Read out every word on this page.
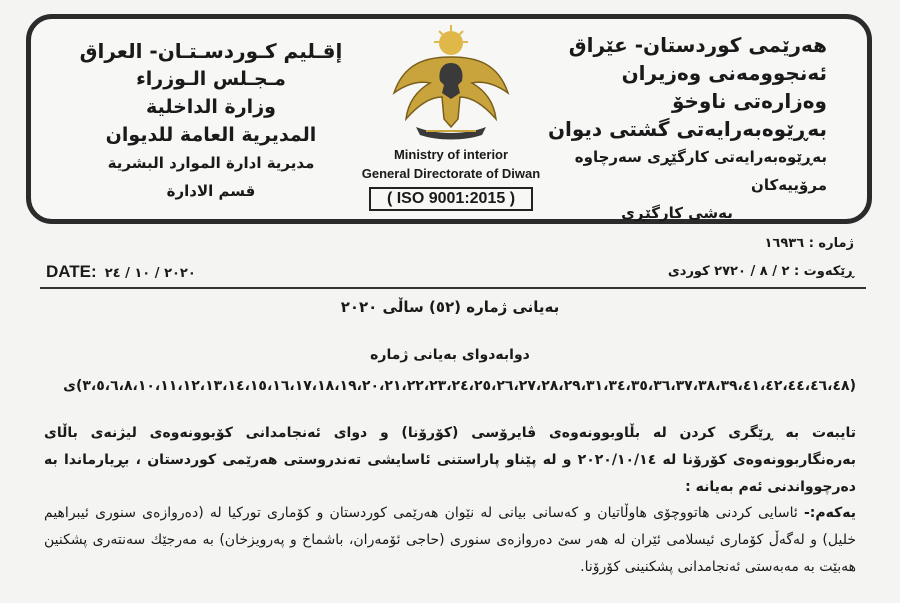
هەرێمی کوردستان- عێراق
ئەنجوومەنی وەزیران
وەزارەتی ناوخۆ
بەڕێوەبەرایەتی گشتی دیوان
بەڕێوەبەرایەتی كارگێڕی سەرچاوە مرۆییەکان
بەشی کارگێڕی
Ministry of interior
General Directorate of Diwan
( ISO 9001:2015 )
إقـليم كـوردسـتـان- العراق
مـجـلس الـوزراء
وزارة الداخلية
المديرية العامة للديوان
مديرية ادارة الموارد البشرية
قسم الادارة
ژمارە : ١٦٩٣٦
ڕێکەوت : ٢ / ٨ / ٢٧٢٠ كوردی
DATE: ٢٠٢٠ / ١٠ / ٢٤
بەیانی ژمارە (٥٢) ساڵی ٢٠٢٠
دوابەدوای بەیانی ژمارە
(٣،٥،٦،٨،١٠،١١،١٢،١٣،١٤،١٥،١٦،١٧،١٨،١٩،٢٠،٢١،٢٢،٢٣،٢٤،٢٥،٢٦،٢٧،٢٨،٢٩،٣١،٣٤،٣٥،٣٦،٣٧،٣٨،٣٩،٤١،٤٢،٤٤،٤٦،٤٨)ی
تایبەت بە ڕێگری کردن لە بڵاوبوونەوەی ڤایرۆسی (كۆرۆنا) و دوای ئەنجامدانی كۆبوونەوەی لیژنەی باڵای بەرەنگاربوونەوەی كۆرۆنا لە ٢٠٢٠/١٠/١٤ و لە پێناو پاراستنی ئاسایشی تەندروستی هەرێمی كوردستان ، بڕیارماندا بە دەرچوواندنی ئەم بەیانە :
یەكەم:- ئاسایی كردنی هاتووچۆی هاوڵاتیان و كەسانی بیانی لە نێوان هەرێمی كوردستان و كۆماری توركیا لە (دەروازەی سنوری ئیبراهیم خلیل) و لەگەڵ كۆماری ئیسلامی ئێران لە هەر سێ دەروازەی سنوری (حاجی ئۆمەران، باشماخ و پەرویزخان) بە مەرجێك سەنتەری پشكنین هەبێت بە مەبەستی ئەنجامدانی پشكنینی كۆرۆنا.
